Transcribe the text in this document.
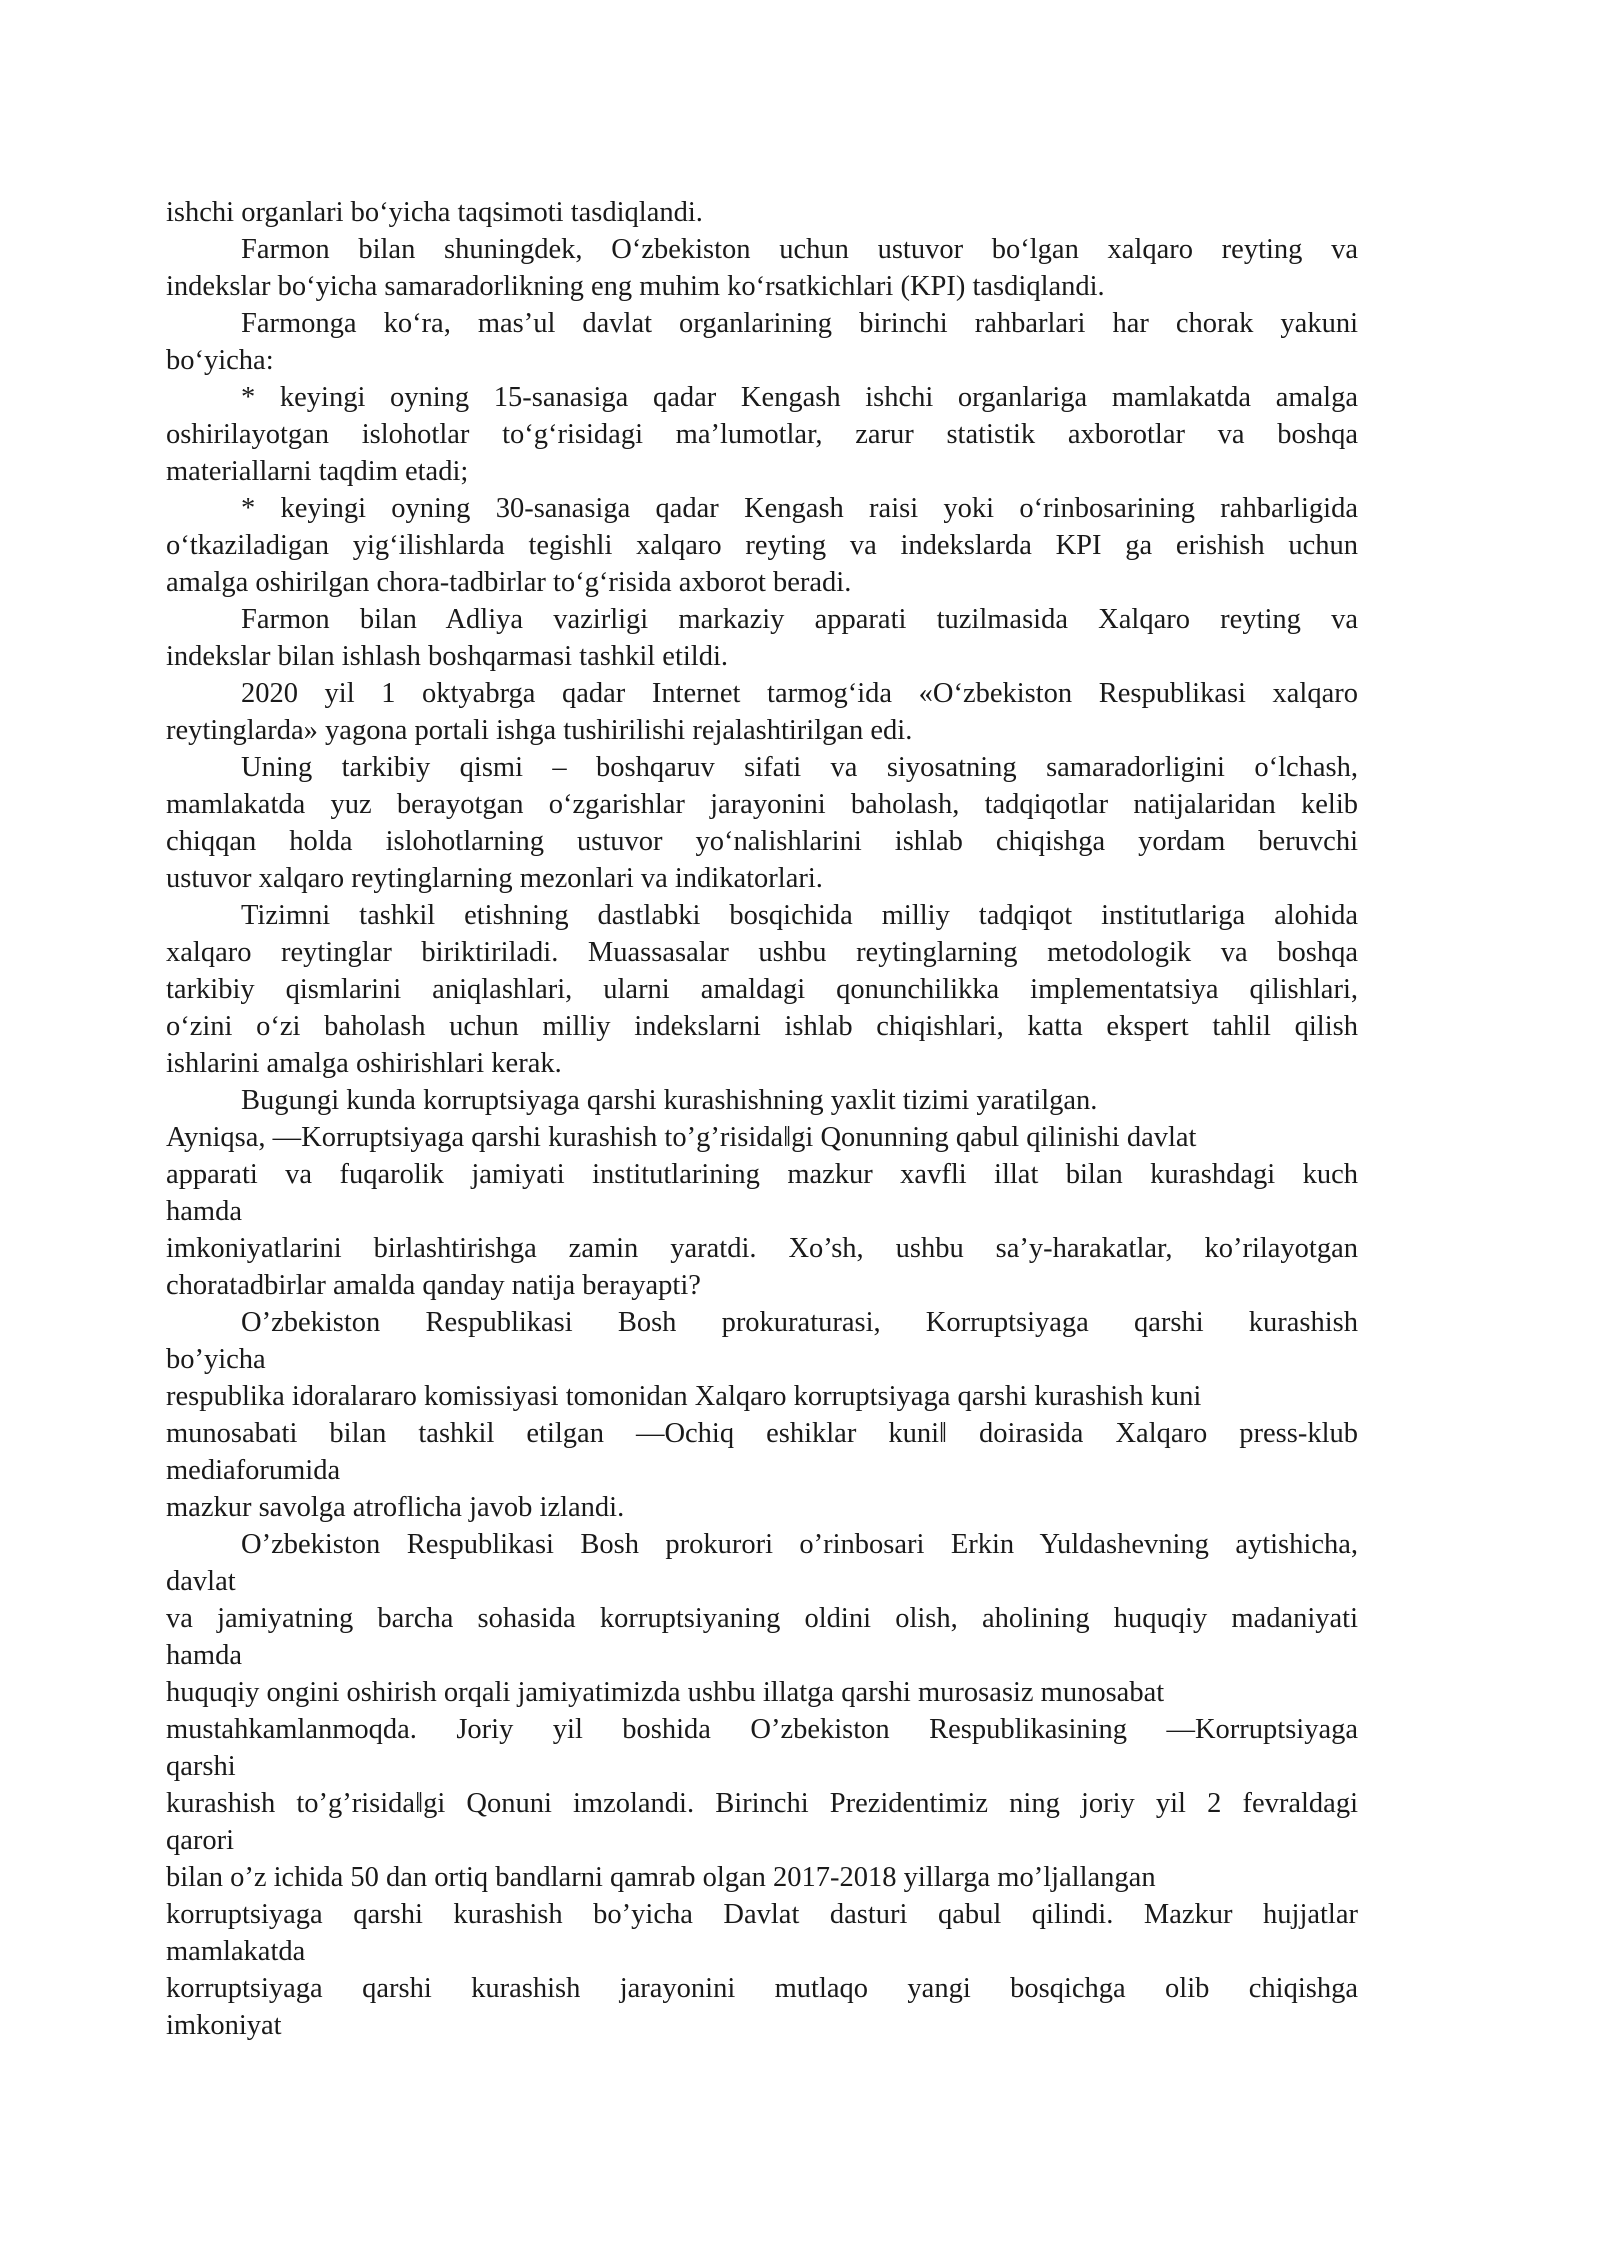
ishchi organlari bo‘yicha taqsimoti tasdiqlandi.
Farmon bilan shuningdek, O‘zbekiston uchun ustuvor bo‘lgan xalqaro reyting va
indekslar bo‘yicha samaradorlikning eng muhim ko‘rsatkichlari (KPI) tasdiqlandi.
Farmonga ko‘ra, mas’ul davlat organlarining birinchi rahbarlari har chorak yakuni
bo‘yicha:
* keyingi oyning 15-sanasiga qadar Kengash ishchi organlariga mamlakatda amalga
oshirilayotgan islohotlar to‘g‘risidagi ma’lumotlar, zarur statistik axborotlar va boshqa
materiallarni taqdim etadi;
* keyingi oyning 30-sanasiga qadar Kengash raisi yoki o‘rinbosarining rahbarligida
o‘tkaziladigan yig‘ilishlarda tegishli xalqaro reyting va indekslarda KPI ga erishish uchun
amalga oshirilgan chora-tadbirlar to‘g‘risida axborot beradi.
Farmon bilan Adliya vazirligi markaziy apparati tuzilmasida Xalqaro reyting va
indekslar bilan ishlash boshqarmasi tashkil etildi.
2020 yil 1 oktyabrga qadar Internet tarmog‘ida «O‘zbekiston Respublikasi xalqaro
reytinglarda» yagona portali ishga tushirilishi rejalashtirilgan edi.
Uning tarkibiy qismi – boshqaruv sifati va siyosatning samaradorligini o‘lchash,
mamlakatda yuz berayotgan o‘zgarishlar jarayonini baholash, tadqiqotlar natijalaridan kelib
chiqqan holda islohotlarning ustuvor yo‘nalishlarini ishlab chiqishga yordam beruvchi
ustuvor xalqaro reytinglarning mezonlari va indikatorlari.
Tizimni tashkil etishning dastlabki bosqichida milliy tadqiqot institutlariga alohida
xalqaro reytinglar biriktiriladi. Muassasalar ushbu reytinglarning metodologik va boshqa
tarkibiy qismlarini aniqlashlari, ularni amaldagi qonunchilikka implementatsiya qilishlari,
o‘zini o‘zi baholash uchun milliy indekslarni ishlab chiqishlari, katta ekspert tahlil qilish
ishlarini amalga oshirishlari kerak.
Bugungi kunda korruptsiyaga qarshi kurashishning yaxlit tizimi yaratilgan.
Ayniqsa, ―Korruptsiyaga qarshi kurashish to’g’risida‖gi Qonunning qabul qilinishi davlat
apparati va fuqarolik jamiyati institutlarining mazkur xavfli illat bilan kurashdagi kuch
hamda
imkoniyatlarini birlashtirishga zamin yaratdi. Xo’sh, ushbu sa’y-harakatlar, ko’rilayotgan
choratadbirlar amalda qanday natija berayapti?
O’zbekiston Respublikasi Bosh prokuraturasi, Korruptsiyaga qarshi kurashish
bo’yicha
respublika idoralararo komissiyasi tomonidan Xalqaro korruptsiyaga qarshi kurashish kuni
munosabati bilan tashkil etilgan ―Ochiq eshiklar kuni‖ doirasida Xalqaro press-klub
mediaforumida
mazkur savolga atroflicha javob izlandi.
O’zbekiston Respublikasi Bosh prokurori o’rinbosari Erkin Yuldashevning aytishicha,
davlat
va jamiyatning barcha sohasida korruptsiyaning oldini olish, aholining huquqiy madaniyati
hamda
huquqiy ongini oshirish orqali jamiyatimizda ushbu illatga qarshi murosasiz munosabat
mustahkamlanmoqda. Joriy yil boshida O’zbekiston Respublikasining ―Korruptsiyaga
qarshi
kurashish to’g’risida‖gi Qonuni imzolandi. Birinchi Prezidentimiz ning joriy yil 2 fevraldagi
qarori
bilan o’z ichida 50 dan ortiq bandlarni qamrab olgan 2017-2018 yillarga mo’ljallangan
korruptsiyaga qarshi kurashish bo’yicha Davlat dasturi qabul qilindi. Mazkur hujjatlar
mamlakatda
korruptsiyaga qarshi kurashish jarayonini mutlaqo yangi bosqichga olib chiqishga
imkoniyat
